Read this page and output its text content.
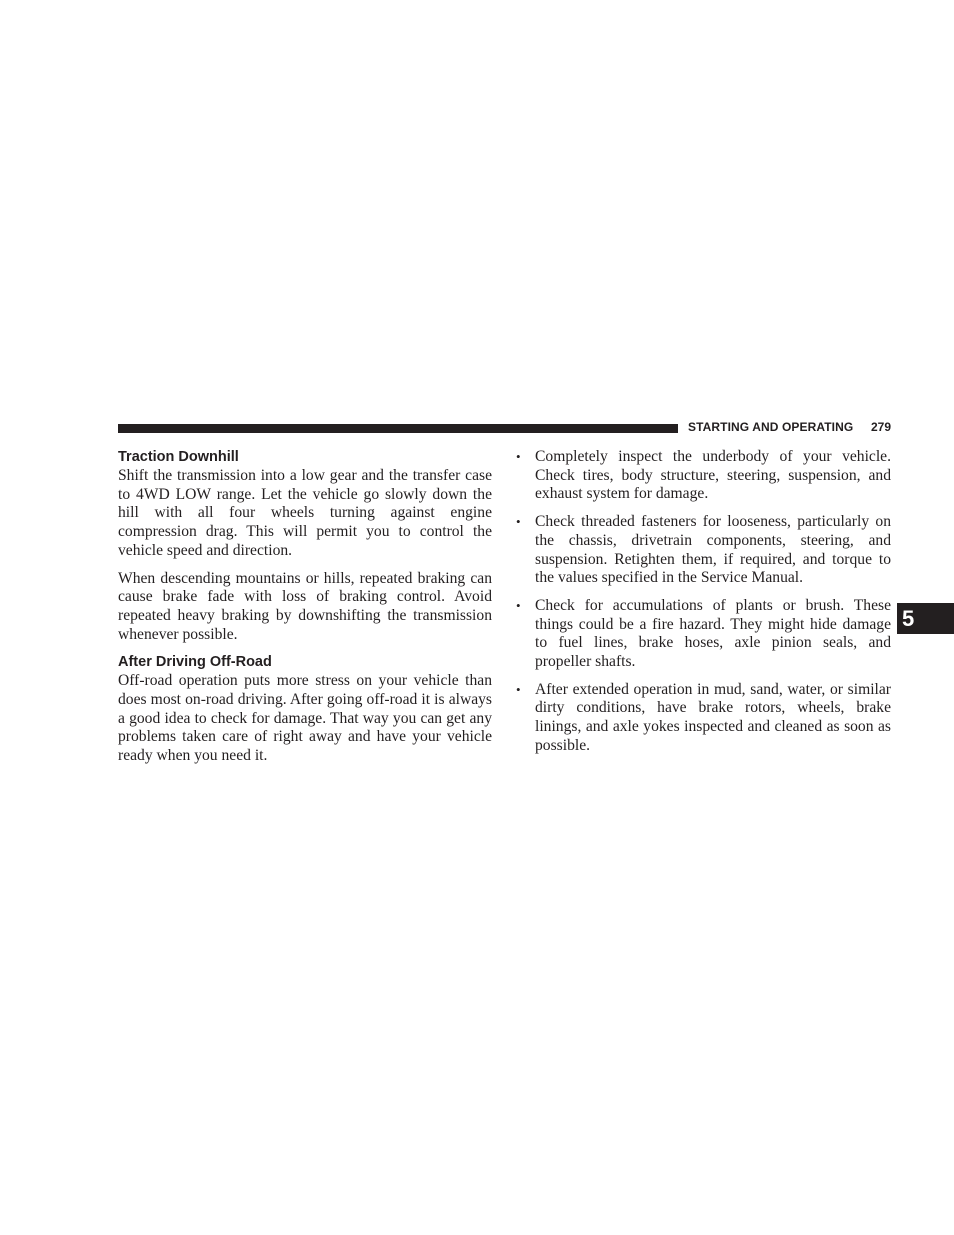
STARTING AND OPERATING 279
5
Traction Downhill

Shift the transmission into a low gear and the transfer case to 4WD LOW range. Let the vehicle go slowly down the hill with all four wheels turning against engine compression drag. This will permit you to control the vehicle speed and direction.

When descending mountains or hills, repeated braking can cause brake fade with loss of braking control. Avoid repeated heavy braking by downshifting the transmission whenever possible.

After Driving Off-Road

Off-road operation puts more stress on your vehicle than does most on-road driving. After going off-road it is always a good idea to check for damage. That way you can get any problems taken care of right away and have your vehicle ready when you need it.

• Completely inspect the underbody of your vehicle. Check tires, body structure, steering, suspension, and exhaust system for damage.
• Check threaded fasteners for looseness, particularly on the chassis, drivetrain components, steering, and suspension. Retighten them, if required, and torque to the values specified in the Service Manual.
• Check for accumulations of plants or brush. These things could be a fire hazard. They might hide damage to fuel lines, brake hoses, axle pinion seals, and propeller shafts.
• After extended operation in mud, sand, water, or similar dirty conditions, have brake rotors, wheels, brake linings, and axle yokes inspected and cleaned as soon as possible.
